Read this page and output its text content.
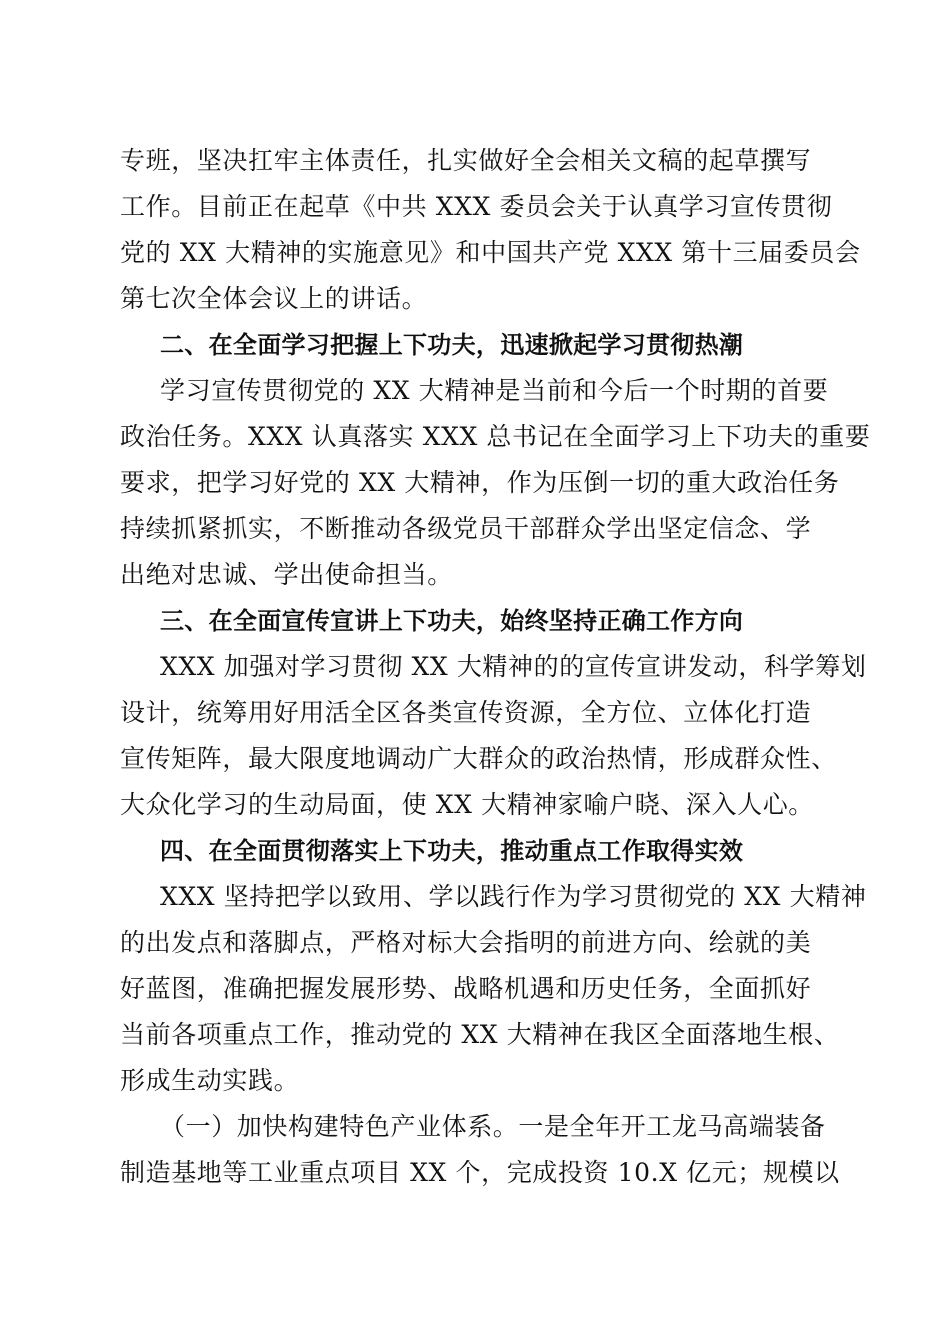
专班，坚决扛牢主体责任，扎实做好全会相关文稿的起草撰写
工作。目前正在起草《中共 XXX 委员会关于认真学习宣传贯彻
党的 XX 大精神的实施意见》和中国共产党 XXX 第十三届委员会
第七次全体会议上的讲话。
二、在全面学习把握上下功夫，迅速掀起学习贯彻热潮
学习宣传贯彻党的 XX 大精神是当前和今后一个时期的首要
政治任务。XXX 认真落实 XXX 总书记在全面学习上下功夫的重要
要求，把学习好党的 XX 大精神，作为压倒一切的重大政治任务
持续抓紧抓实，不断推动各级党员干部群众学出坚定信念、学
出绝对忠诚、学出使命担当。
三、在全面宣传宣讲上下功夫，始终坚持正确工作方向
XXX 加强对学习贯彻 XX 大精神的的宣传宣讲发动，科学筹划
设计，统筹用好用活全区各类宣传资源，全方位、立体化打造
宣传矩阵，最大限度地调动广大群众的政治热情，形成群众性、
大众化学习的生动局面，使 XX 大精神家喻户晓、深入人心。
四、在全面贯彻落实上下功夫，推动重点工作取得实效
XXX 坚持把学以致用、学以践行作为学习贯彻党的 XX 大精神
的出发点和落脚点，严格对标大会指明的前进方向、绘就的美
好蓝图，准确把握发展形势、战略机遇和历史任务，全面抓好
当前各项重点工作，推动党的 XX 大精神在我区全面落地生根、
形成生动实践。
（一）加快构建特色产业体系。一是全年开工龙马高端装备
制造基地等工业重点项目 XX 个，完成投资 10.X 亿元；规模以
